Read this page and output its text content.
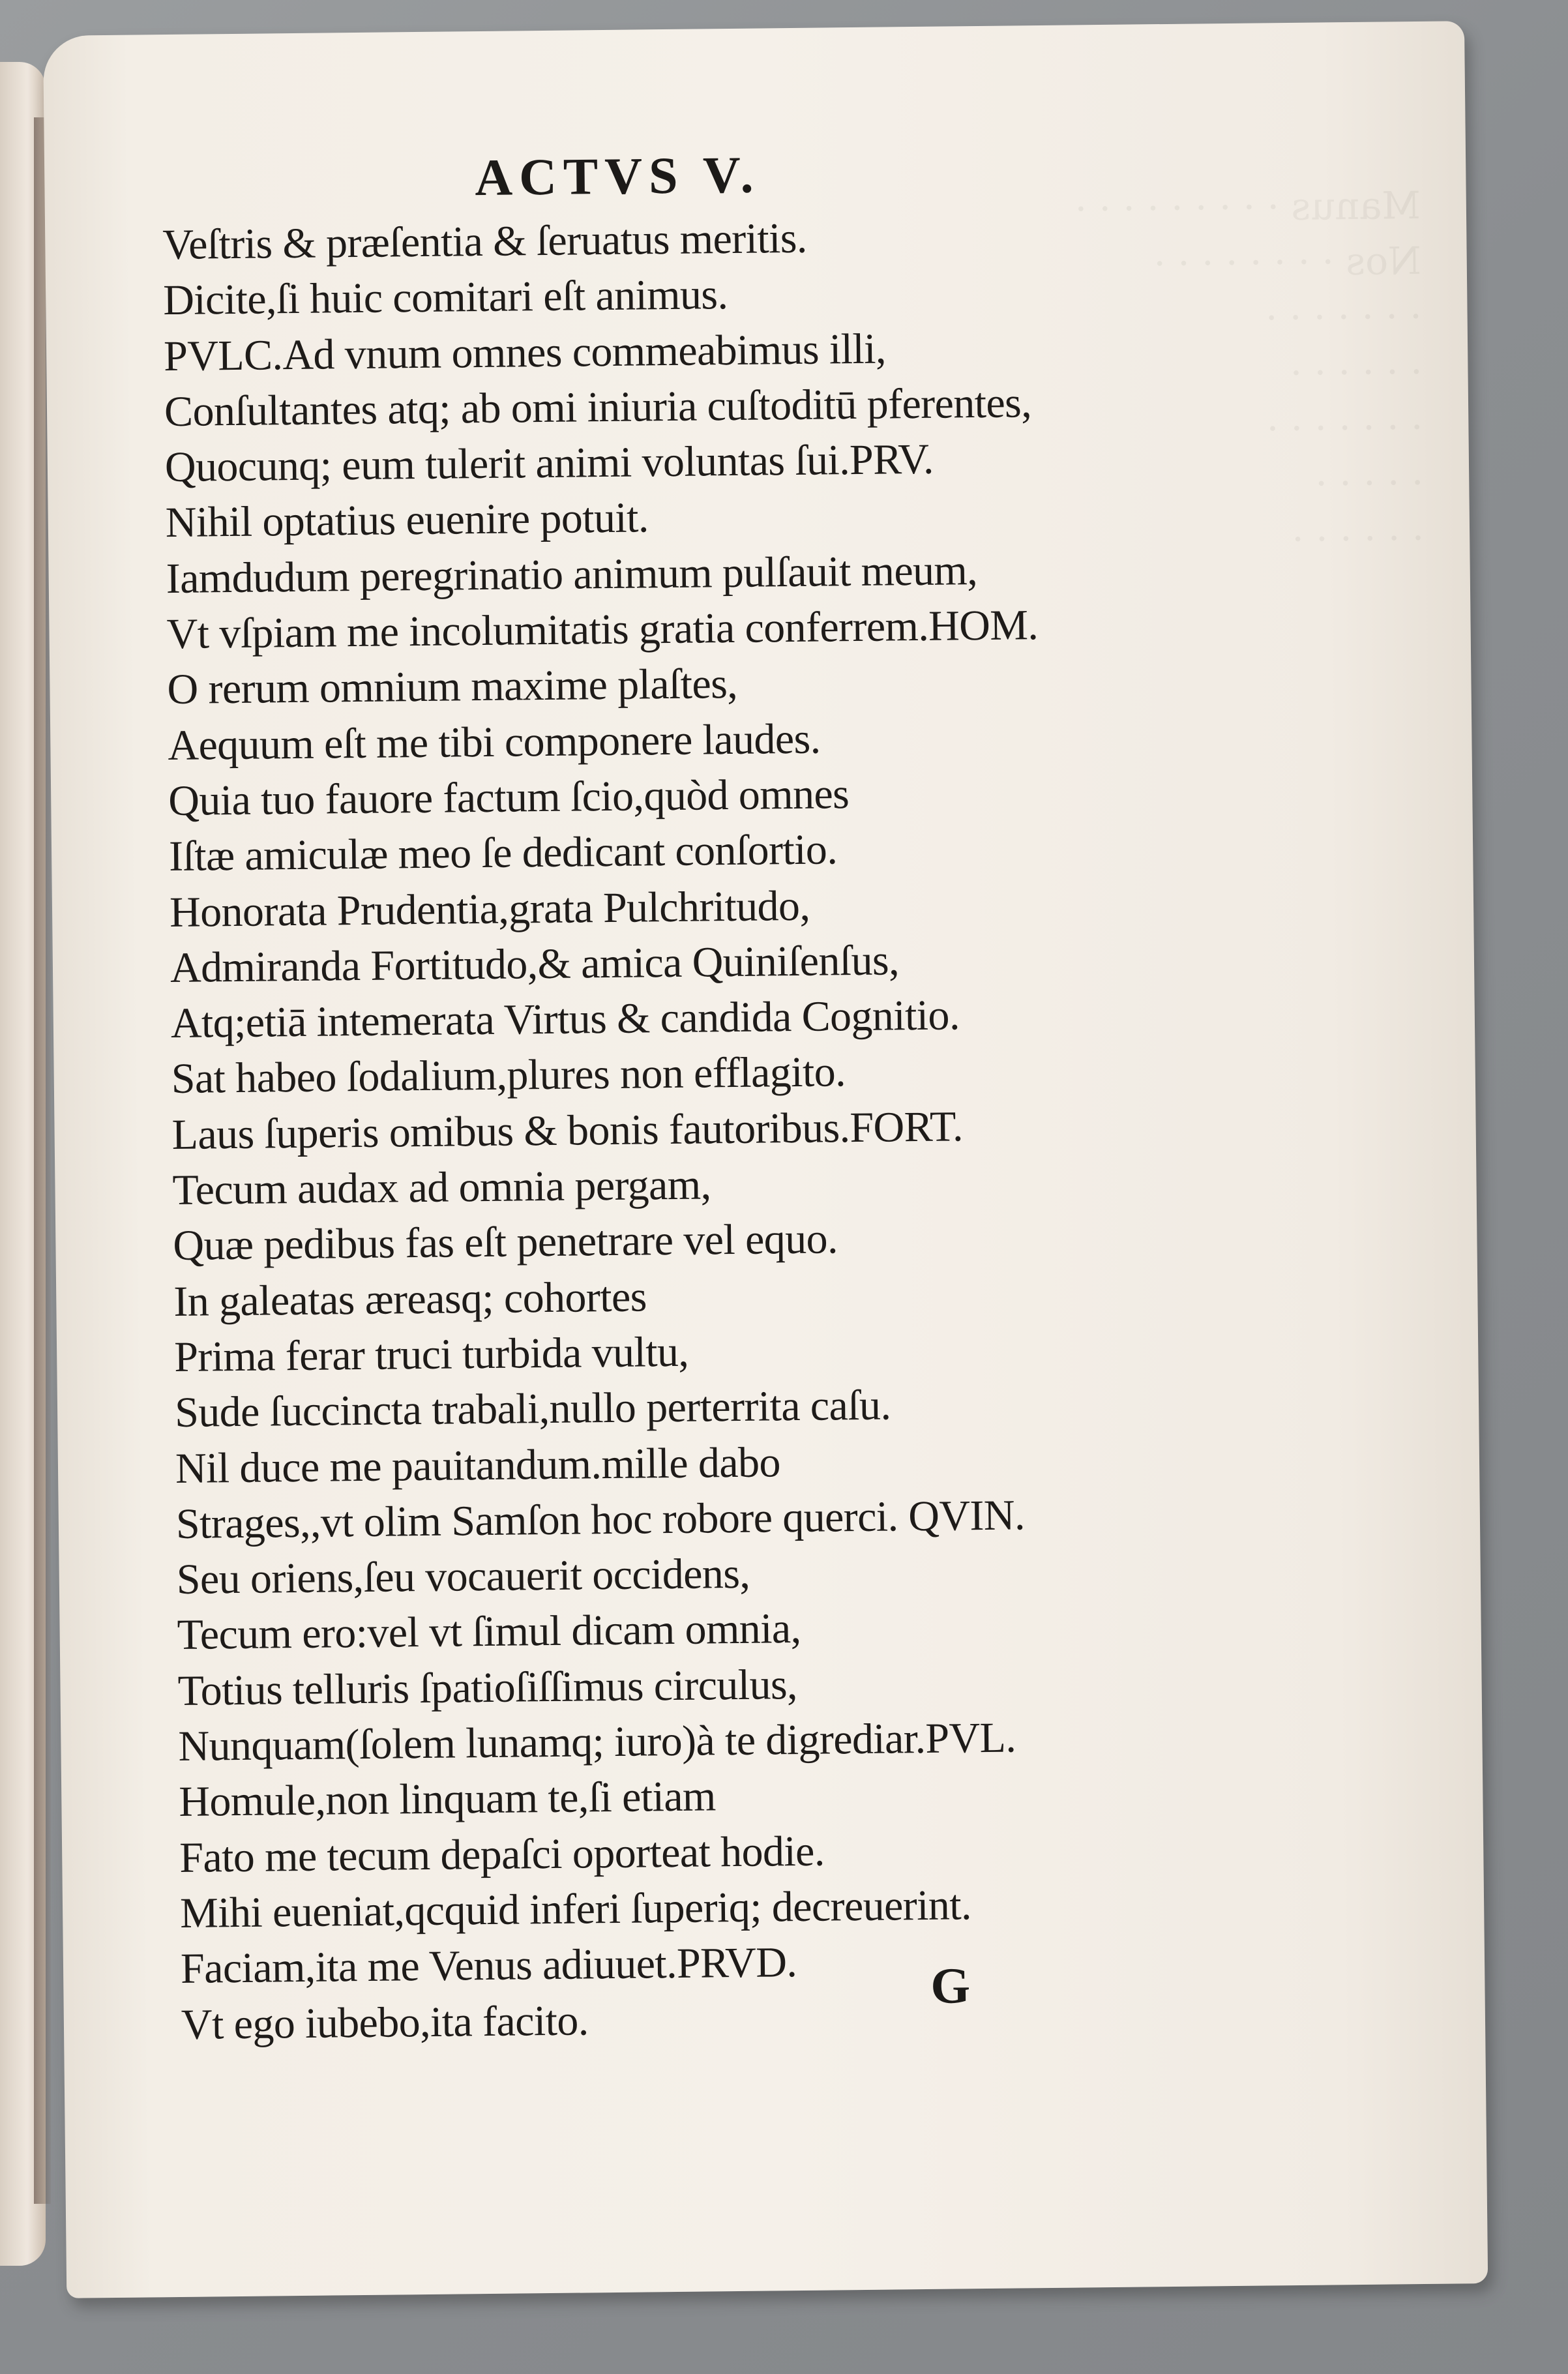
Manus · · · · · · · · ·
Nos · · · · · · · ·
· · · · · · ·
· · · · · ·
· · · · · · ·
· · · · ·
· · · · · ·
ACTVS V.
Veſtris & præſentia & ſeruatus meritis.
Dicite,ſi huic comitari eſt animus.
PVLC.Ad vnum omnes commeabimus illi,
Conſultantes atq; ab omi iniuria cuſtoditū pferentes,
Quocunq; eum tulerit animi voluntas ſui.PRV.
Nihil optatius euenire potuit.
Iamdudum peregrinatio animum pulſauit meum,
Vt vſpiam me incolumitatis gratia conferrem.HOM.
O rerum omnium maxime plaſtes,
Aequum eſt me tibi componere laudes.
Quia tuo fauore factum ſcio,quòd omnes
Iſtæ amiculæ meo ſe dedicant conſortio.
Honorata Prudentia,grata Pulchritudo,
Admiranda Fortitudo,& amica Quiniſenſus,
Atq;etiā intemerata Virtus & candida Cognitio.
Sat habeo ſodalium,plures non efflagito.
Laus ſuperis omibus & bonis fautoribus.FORT.
Tecum audax ad omnia pergam,
Quæ pedibus fas eſt penetrare vel equo.
In galeatas æreasq; cohortes
Prima ferar truci turbida vultu,
Sude ſuccincta trabali,nullo perterrita caſu.
Nil duce me pauitandum.mille dabo
Strages,,vt olim Samſon hoc robore querci. QVIN.
Seu oriens,ſeu vocauerit occidens,
Tecum ero:vel vt ſimul dicam omnia,
Totius telluris ſpatioſiſſimus circulus,
Nunquam(ſolem lunamq; iuro)à te digrediar.PVL.
Homule,non linquam te,ſi etiam
Fato me tecum depaſci oporteat hodie.
Mihi eueniat,qcquid inferi ſuperiq; decreuerint.
Faciam,ita me Venus adiuuet.PRVD.
Vt ego iubebo,ita facito.
G
